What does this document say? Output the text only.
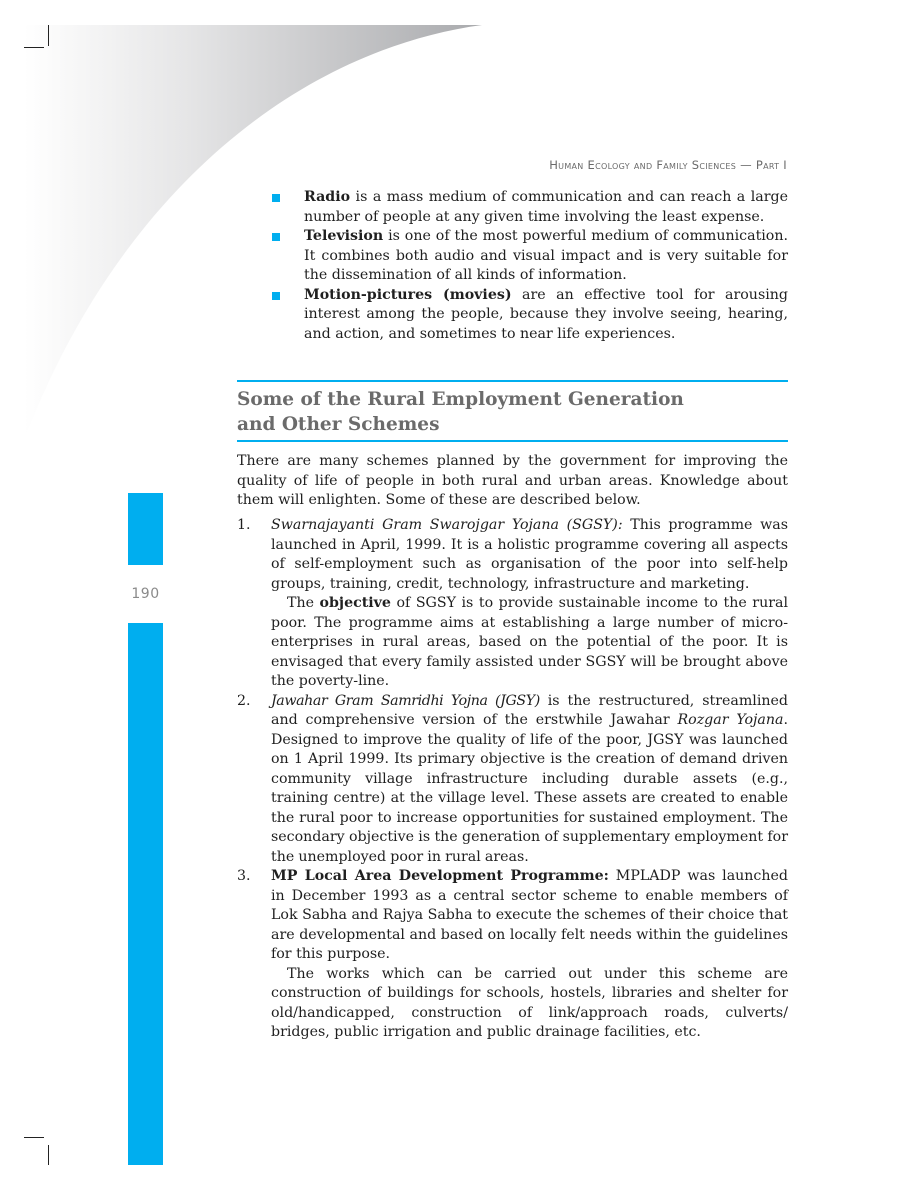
Human Ecology and Family Sciences — Part I
190

Radio is a mass medium of communication and can reach a large number of people at any given time involving the least expense.

Television is one of the most powerful medium of communication. It combines both audio and visual impact and is very suitable for the dissemination of all kinds of information.

Motion-pictures (movies) are an effective tool for arousing interest among the people, because they involve seeing, hearing, and action, and sometimes to near life experiences.

Some of the Rural Employment Generation
and Other Schemes

There are many schemes planned by the government for improving the quality of life of people in both rural and urban areas. Knowledge about them will enlighten. Some of these are described below.

1. Swarnajayanti Gram Swarojgar Yojana (SGSY): This programme was launched in April, 1999. It is a holistic programme covering all aspects of self-employment such as organisation of the poor into self-help groups, training, credit, technology, infrastructure and marketing.

The objective of SGSY is to provide sustainable income to the rural poor. The programme aims at establishing a large number of micro-enterprises in rural areas, based on the potential of the poor. It is envisaged that every family assisted under SGSY will be brought above the poverty-line.

2. Jawahar Gram Samridhi Yojna (JGSY) is the restructured, streamlined and comprehensive version of the erstwhile Jawahar Rozgar Yojana. Designed to improve the quality of life of the poor, JGSY was launched on 1 April 1999. Its primary objective is the creation of demand driven community village infrastructure including durable assets (e.g., training centre) at the village level. These assets are created to enable the rural poor to increase opportunities for sustained employment. The secondary objective is the generation of supplementary employment for the unemployed poor in rural areas.

3. MP Local Area Development Programme: MPLADP was launched in December 1993 as a central sector scheme to enable members of Lok Sabha and Rajya Sabha to execute the schemes of their choice that are developmental and based on locally felt needs within the guidelines for this purpose.

The works which can be carried out under this scheme are construction of buildings for schools, hostels, libraries and shelter for old/handicapped, construction of link/approach roads, culverts/ bridges, public irrigation and public drainage facilities, etc.
